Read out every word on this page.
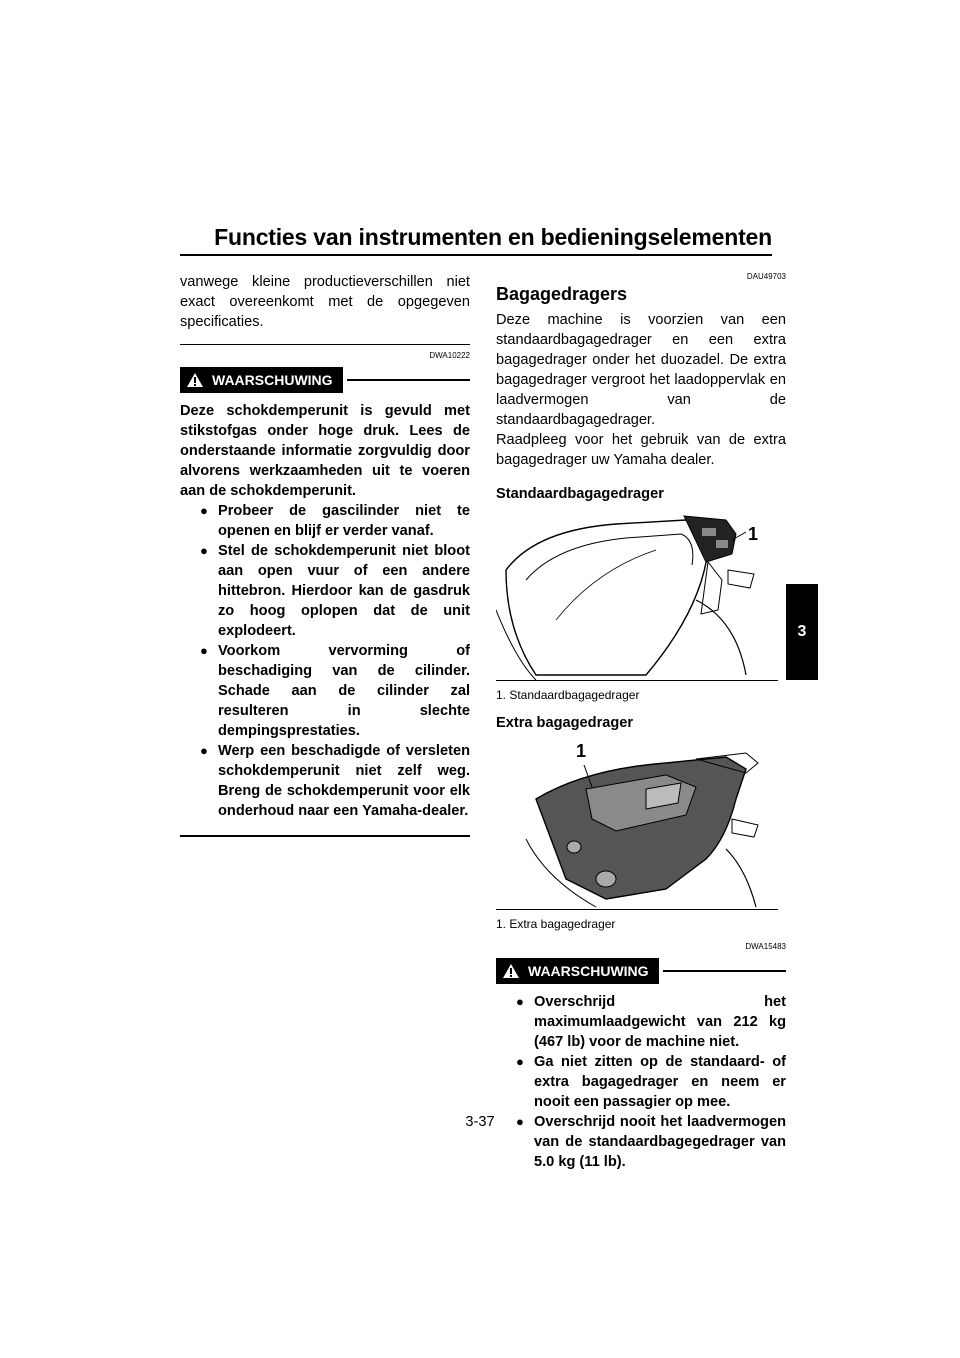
Functies van instrumenten en bedieningselementen
3

vanwege kleine productieverschillen niet exact overeenkomt met de opgegeven specificaties.

DWA10222
WAARSCHUWING

Deze schokdemperunit is gevuld met stikstofgas onder hoge druk. Lees de onderstaande informatie zorgvuldig door alvorens werkzaamheden uit te voeren aan de schokdemperunit.

● Probeer de gascilinder niet te openen en blijf er verder vanaf.
● Stel de schokdemperunit niet bloot aan open vuur of een andere hittebron. Hierdoor kan de gasdruk zo hoog oplopen dat de unit explodeert.
● Voorkom vervorming of beschadiging van de cilinder. Schade aan de cilinder zal resulteren in slechte dempingsprestaties.
● Werp een beschadigde of versleten schokdemperunit niet zelf weg. Breng de schokdemperunit voor elk onderhoud naar een Yamaha-dealer.
DAU49703
Bagagedragers

Deze machine is voorzien van een standaardbagagedrager en een extra bagagedrager onder het duozadel. De extra bagagedrager vergroot het laadoppervlak en laadvermogen van de standaardbagagedrager.

Raadpleeg voor het gebruik van de extra bagagedrager uw Yamaha dealer.

Standaardbagagedrager
1
1. Standaardbagagedrager
Extra bagagedrager
1
1. Extra bagagedrager
DWA15483
WAARSCHUWING
● Overschrijd het maximumlaadgewicht van 212 kg (467 lb) voor de machine niet.
● Ga niet zitten op de standaard- of extra bagagedrager en neem er nooit een passagier op mee.
● Overschrijd nooit het laadvermogen van de standaardbagegedrager van 5.0 kg (11 lb).
3-37
